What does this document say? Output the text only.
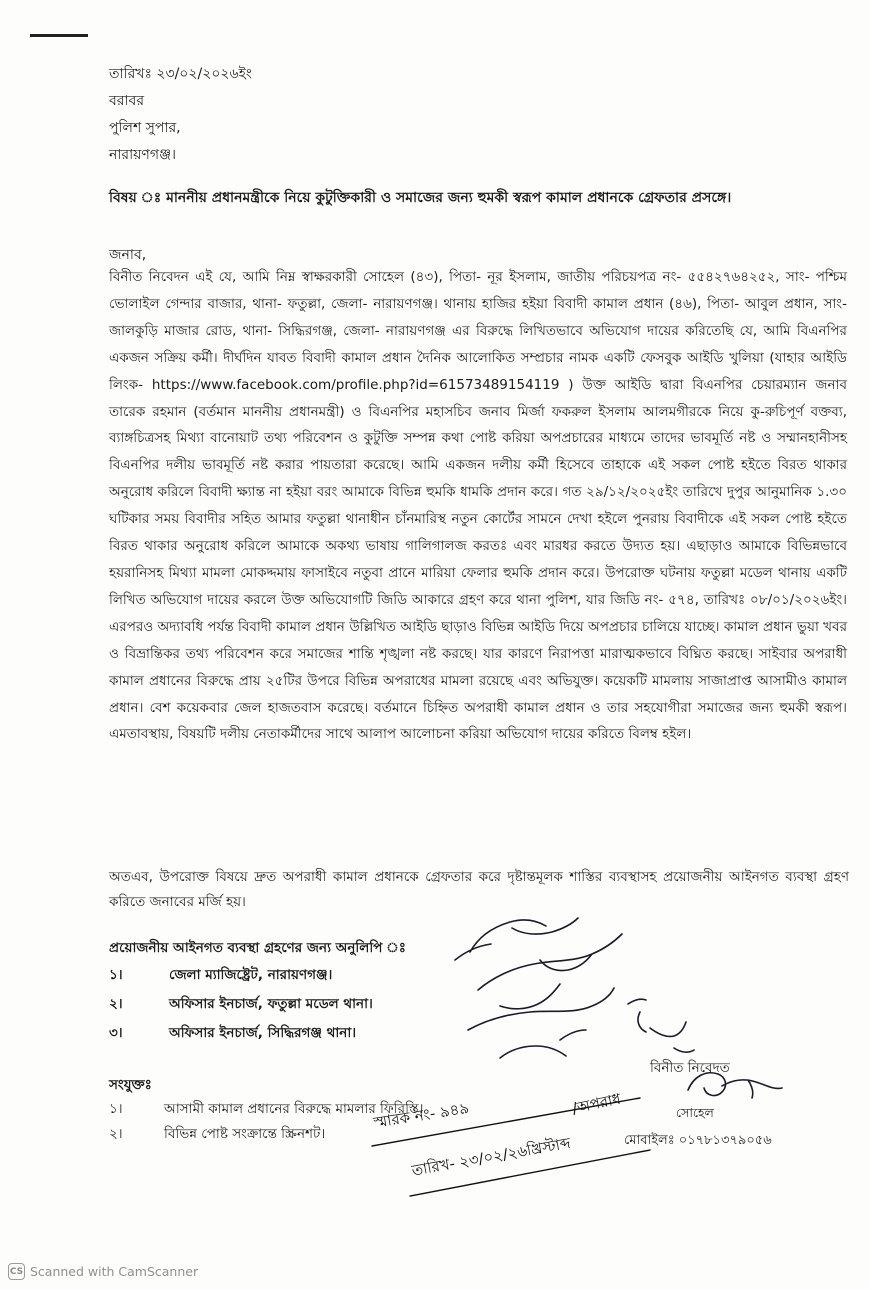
তারিখঃ ২৩/০২/২০২৬ইং
বরাবর
পুলিশ সুপার,
নারায়ণগঞ্জ।
বিষয় ঃ মাননীয় প্রধানমন্ত্রীকে নিয়ে কুটুক্তিকারী ও সমাজের জন্য হুমকী স্বরূপ কামাল প্রধানকে গ্রেফতার প্রসঙ্গে।
জনাব,

বিনীত নিবেদন এই যে, আমি নিম্ন স্বাক্ষরকারী সোহেল (৪৩), পিতা- নূর ইসলাম, জাতীয় পরিচয়পত্র নং- ৫৫৪২৭৬৪২৫২, সাং- পশ্চিম ভোলাইল গেন্দার বাজার, থানা- ফতুল্লা, জেলা- নারায়ণগঞ্জ। থানায় হাজির হইয়া বিবাদী কামাল প্রধান (৪৬), পিতা- আবুল প্রধান, সাং- জালকুড়ি মাজার রোড, থানা- সিদ্ধিরগঞ্জ, জেলা- নারায়ণগঞ্জ এর বিরুদ্ধে লিখিতভাবে অভিযোগ দায়ের করিতেছি যে, আমি বিএনপির একজন সক্রিয় কর্মী। দীর্ঘদিন যাবত বিবাদী কামাল প্রধান দৈনিক আলোকিত সম্প্রচার নামক একটি ফেসবুক আইডি খুলিয়া (যাহার আইডি লিংক- https://www.facebook.com/profile.php?id=61573489154119 ) উক্ত আইডি দ্বারা বিএনপির চেয়ারম্যান জনাব তারেক রহমান (বর্তমান মাননীয় প্রধানমন্ত্রী) ও বিএনপির মহাসচিব জনাব মির্জা ফকরুল ইসলাম আলমগীরকে নিয়ে কু-রুচিপূর্ণ বক্তব্য, ব্যাঙ্গচিত্রসহ মিথ্যা বানোয়াট তথ্য পরিবেশন ও কুটুক্তি সম্পন্ন কথা পোষ্ট করিয়া অপপ্রচারের মাধ্যমে তাদের ভাবমূর্তি নষ্ট ও সম্মানহানীসহ বিএনপির দলীয় ভাবমূর্তি নষ্ট করার পায়তারা করেছে। আমি একজন দলীয় কর্মী হিসেবে তাহাকে এই সকল পোষ্ট হইতে বিরত থাকার অনুরোধ করিলে বিবাদী ক্ষ্যান্ত না হইয়া বরং আমাকে বিভিন্ন হুমকি ধামকি প্রদান করে। গত ২৯/১২/২০২৫ইং তারিখে দুপুর আনুমানিক ১.৩০ ঘটিকার সময় বিবাদীর সহিত আমার ফতুল্লা থানাধীন চাঁনমারিস্থ নতুন কোর্টের সামনে দেখা হইলে পুনরায় বিবাদীকে এই সকল পোষ্ট হইতে বিরত থাকার অনুরোধ করিলে আমাকে অকথ্য ভাষায় গালিগালজ করতঃ এবং মারধর করতে উদ্যত হয়। এছাড়াও আমাকে বিভিন্নভাবে হয়রানিসহ মিথ্যা মামলা মোকদ্দমায় ফাসাইবে নতুবা প্রানে মারিয়া ফেলার হুমকি প্রদান করে। উপরোক্ত ঘটনায় ফতুল্লা মডেল থানায় একটি লিখিত অভিযোগ দায়ের করলে উক্ত অভিযোগটি জিডি আকারে গ্রহণ করে থানা পুলিশ, যার জিডি নং- ৫৭৪, তারিখঃ ০৮/০১/২০২৬ইং। এরপরও অদ্যাবধি পর্যন্ত বিবাদী কামাল প্রধান উল্লিখিত আইডি ছাড়াও বিভিন্ন আইডি দিয়ে অপপ্রচার চালিয়ে যাচ্ছে। কামাল প্রধান ভুয়া খবর ও বিভ্রান্তিকর তথ্য পরিবেশন করে সমাজের শান্তি শৃঙ্খলা নষ্ট করছে। যার কারণে নিরাপত্তা মারাত্মকভাবে বিঘ্নিত করছে। সাইবার অপরাধী কামাল প্রধানের বিরুদ্ধে প্রায় ২৫টির উপরে বিভিন্ন অপরাধের মামলা রয়েছে এবং অভিযুক্ত। কয়েকটি মামলায় সাজাপ্রাপ্ত আসামীও কামাল প্রধান। বেশ কয়েকবার জেল হাজতবাস করেছে। বর্তমানে চিহ্নিত অপরাধী কামাল প্রধান ও তার সহযোগীরা সমাজের জন্য হুমকী স্বরূপ। এমতাবস্থায়, বিষয়টি দলীয় নেতাকর্মীদের সাথে আলাপ আলোচনা করিয়া অভিযোগ দায়ের করিতে বিলম্ব হইল।

অতএব, উপরোক্ত বিষয়ে দ্রুত অপরাধী কামাল প্রধানকে গ্রেফতার করে দৃষ্টান্তমূলক শাস্তির ব্যবস্থাসহ প্রয়োজনীয় আইনগত ব্যবস্থা গ্রহণ করিতে জনাবের মর্জি হয়।

প্রয়োজনীয় আইনগত ব্যবস্থা গ্রহণের জন্য অনুলিপি ঃ
১।	জেলা ম্যাজিষ্ট্রেট, নারায়ণগঞ্জ।
২।	অফিসার ইনচার্জ, ফতুল্লা মডেল থানা।
৩।	অফিসার ইনচার্জ, সিদ্ধিরগঞ্জ থানা।
সংযুক্তঃ
১।	আসামী কামাল প্রধানের বিরুদ্ধে মামলার ফিরিস্তি।
২।	বিভিন্ন পোষ্ট সংক্রান্তে স্ক্রিনশট।
বিনীত নিবেদত
সোহেল
মোবাইলঃ ০১৭৮১৩৭৯০৫৬
স্মারক নং- ৯৪৯	/অপরাধ
তারিখ- ২৩/০২/২৬খ্রিস্টাব্দ
CS Scanned with CamScanner
